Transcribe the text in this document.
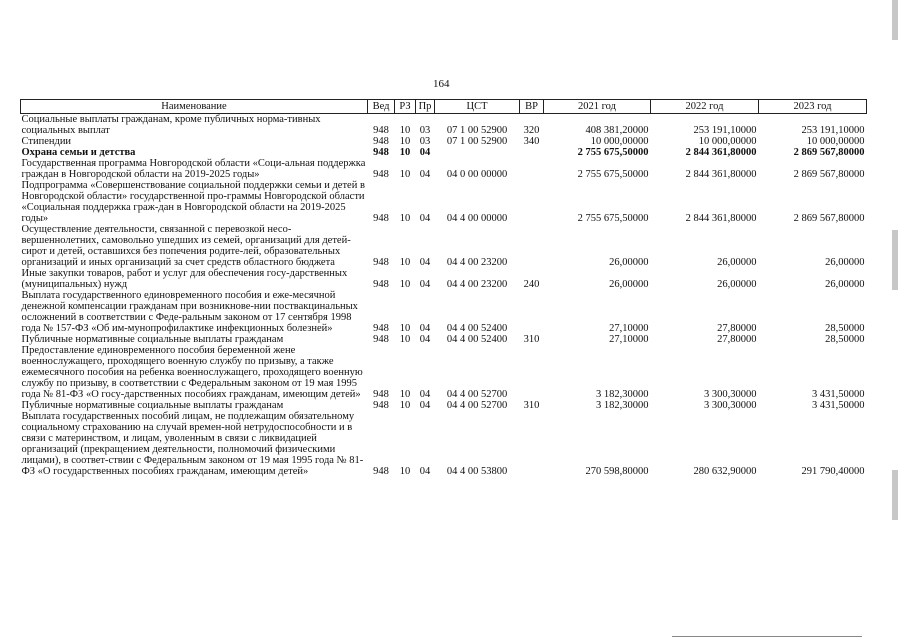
164
Наименование	Вед	РЗ	Пр	ЦСТ	ВР	2021 год	2022 год	2023 год
Социальные выплаты гражданам, кроме публичных норма-тивных социальных выплат	948	10	03	07 1 00 52900	320	408 381,20000	253 191,10000	253 191,10000
Стипендии	948	10	03	07 1 00 52900	340	10 000,00000	10 000,00000	10 000,00000
Охрана семьи и детства	948	10	04			2 755 675,50000	2 844 361,80000	2 869 567,80000
Государственная программа Новгородской области «Соци-альная поддержка граждан в Новгородской области на 2019-2025 годы»	948	10	04	04 0 00 00000		2 755 675,50000	2 844 361,80000	2 869 567,80000
Подпрограмма «Совершенствование социальной поддержки семьи и детей в Новгородской области» государственной про-граммы Новгородской области «Социальная поддержка граж-дан в Новгородской области на 2019-2025 годы»	948	10	04	04 4 00 00000		2 755 675,50000	2 844 361,80000	2 869 567,80000
Осуществление деятельности, связанной с перевозкой несо-вершеннолетних, самовольно ушедших из семей, организаций для детей-сирот и детей, оставшихся без попечения родите-лей, образовательных организаций и иных организаций за счет средств областного бюджета	948	10	04	04 4 00 23200		26,00000	26,00000	26,00000
Иные закупки товаров, работ и услуг для обеспечения госу-дарственных (муниципальных) нужд	948	10	04	04 4 00 23200	240	26,00000	26,00000	26,00000
Выплата государственного единовременного пособия и еже-месячной денежной компенсации гражданам при возникнове-нии поствакцинальных осложнений в соответствии с Феде-ральным законом от 17 сентября 1998 года № 157-ФЗ «Об им-мунопрофилактике инфекционных болезней»	948	10	04	04 4 00 52400		27,10000	27,80000	28,50000
Публичные нормативные социальные выплаты гражданам	948	10	04	04 4 00 52400	310	27,10000	27,80000	28,50000
Предоставление единовременного пособия беременной жене военнослужащего, проходящего военную службу по призыву, а также ежемесячного пособия на ребенка военнослужащего, проходящего военную службу по призыву, в соответствии с Федеральным законом от 19 мая 1995 года № 81-ФЗ «О госу-дарственных пособиях гражданам, имеющим детей»	948	10	04	04 4 00 52700		3 182,30000	3 300,30000	3 431,50000
Публичные нормативные социальные выплаты гражданам	948	10	04	04 4 00 52700	310	3 182,30000	3 300,30000	3 431,50000
Выплата государственных пособий лицам, не подлежащим обязательному социальному страхованию на случай времен-ной нетрудоспособности и в связи с материнством, и лицам, уволенным в связи с ликвидацией организаций (прекращением деятельности, полномочий физическими лицами), в соответ-ствии с Федеральным законом от 19 мая 1995 года № 81-ФЗ «О государственных пособиях гражданам, имеющим детей»	948	10	04	04 4 00 53800		270 598,80000	280 632,90000	291 790,40000
